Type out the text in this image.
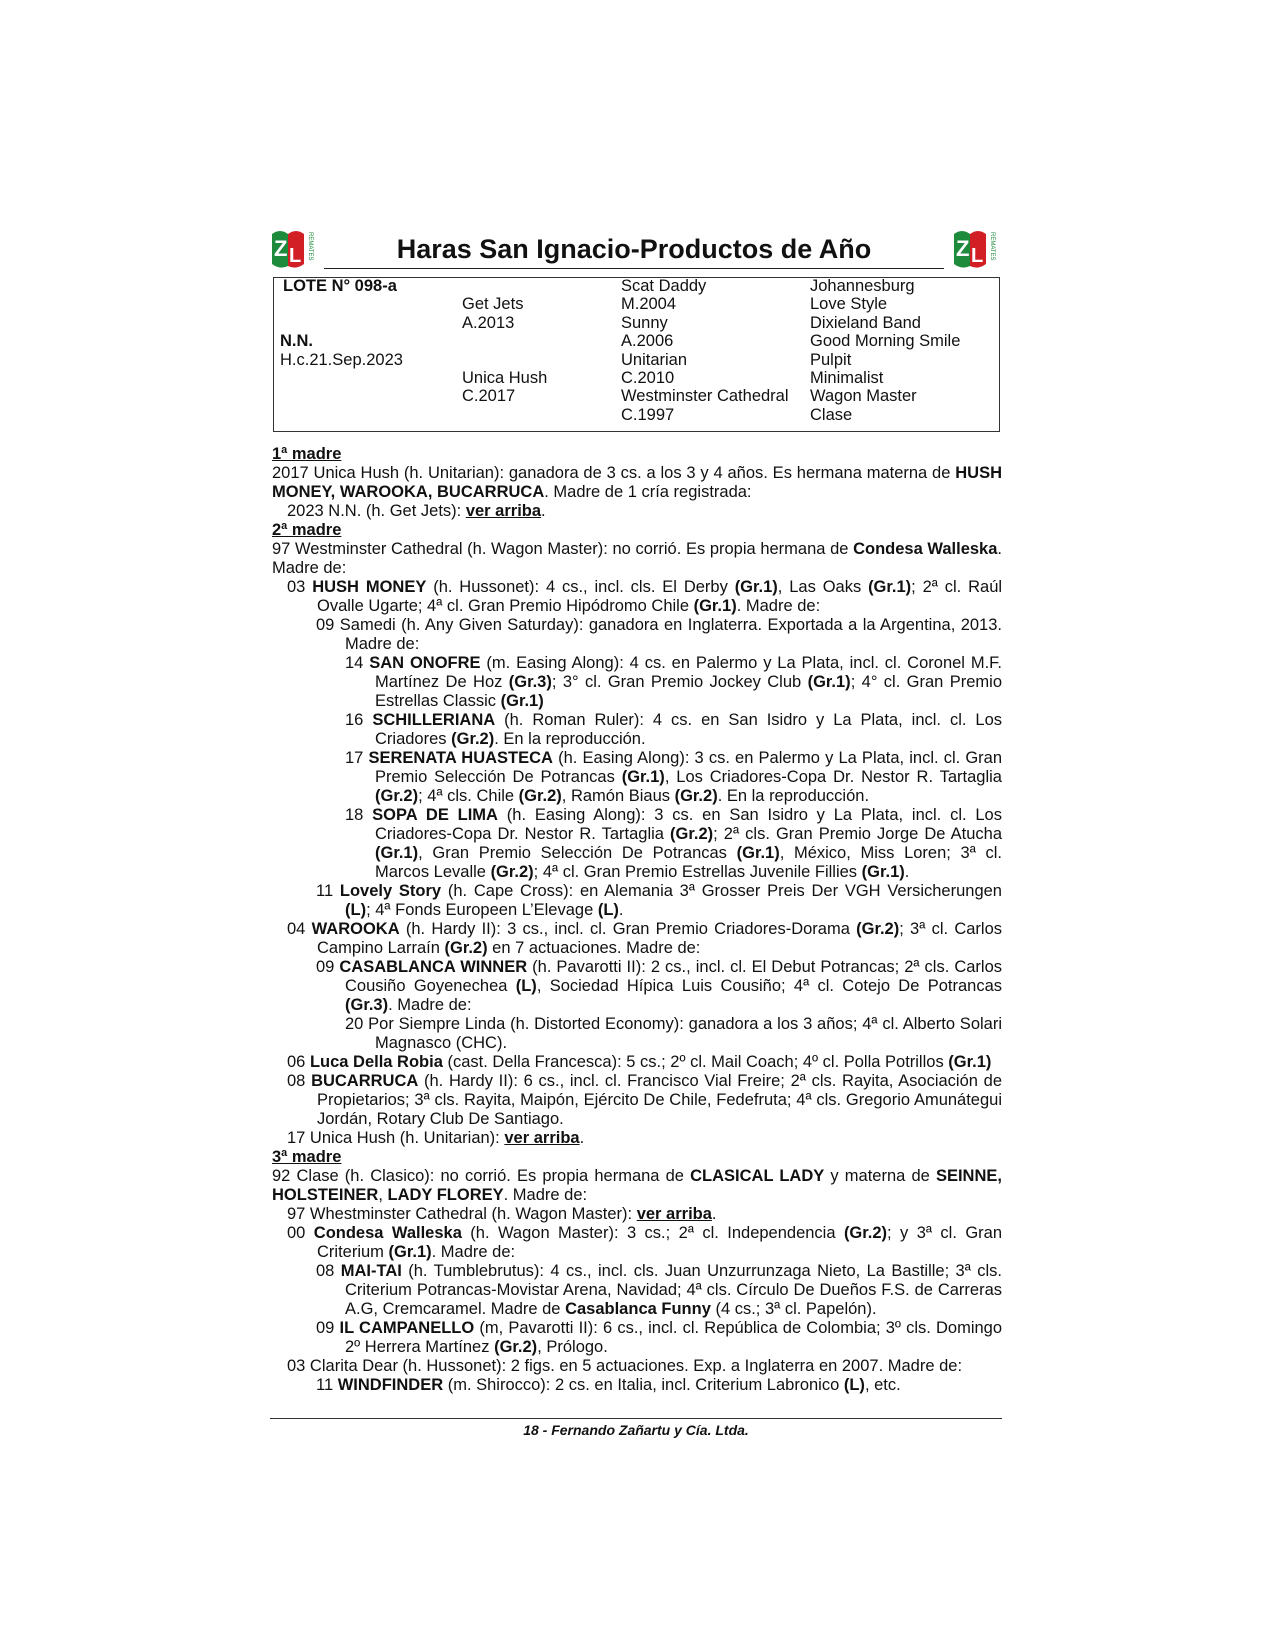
Z L REMATES	Haras San Ignacio-Productos de Año	Z L REMATES
LOTE N° 098-a
N.N.
H.c.21.Sep.2023
Get Jets
A.2013
Unica Hush
C.2017
Scat Daddy
M.2004
Sunny
A.2006
Unitarian
C.2010
Westminster Cathedral
C.1997
Johannesburg
Love Style
Dixieland Band
Good Morning Smile
Pulpit
Minimalist
Wagon Master
Clase
1ª madre
2017 Unica Hush (h. Unitarian): ganadora de 3 cs. a los 3 y 4 años. Es hermana materna de HUSH MONEY, WAROOKA, BUCARRUCA. Madre de 1 cría registrada:
2023 N.N. (h. Get Jets): ver arriba.
2ª madre
97 Westminster Cathedral (h. Wagon Master): no corrió. Es propia hermana de Condesa Walleska. Madre de:
03 HUSH MONEY (h. Hussonet): 4 cs., incl. cls. El Derby (Gr.1), Las Oaks (Gr.1); 2ª cl. Raúl Ovalle Ugarte; 4ª cl. Gran Premio Hipódromo Chile (Gr.1). Madre de:
09 Samedi (h. Any Given Saturday): ganadora en Inglaterra. Exportada a la Argentina, 2013. Madre de:
14 SAN ONOFRE (m. Easing Along): 4 cs. en Palermo y La Plata, incl. cl. Coronel M.F. Martínez De Hoz (Gr.3); 3° cl. Gran Premio Jockey Club (Gr.1); 4° cl. Gran Premio Estrellas Classic (Gr.1)
16 SCHILLERIANA (h. Roman Ruler): 4 cs. en San Isidro y La Plata, incl. cl. Los Criadores (Gr.2). En la reproducción.
17 SERENATA HUASTECA (h. Easing Along): 3 cs. en Palermo y La Plata, incl. cl. Gran Premio Selección De Potrancas (Gr.1), Los Criadores-Copa Dr. Nestor R. Tartaglia (Gr.2); 4ª cls. Chile (Gr.2), Ramón Biaus (Gr.2). En la reproducción.
18 SOPA DE LIMA (h. Easing Along): 3 cs. en San Isidro y La Plata, incl. cl. Los Criadores-Copa Dr. Nestor R. Tartaglia (Gr.2); 2ª cls. Gran Premio Jorge De Atucha (Gr.1), Gran Premio Selección De Potrancas (Gr.1), México, Miss Loren; 3ª cl. Marcos Levalle (Gr.2); 4ª cl. Gran Premio Estrellas Juvenile Fillies (Gr.1).
11 Lovely Story (h. Cape Cross): en Alemania 3ª Grosser Preis Der VGH Versicherungen (L); 4ª Fonds Europeen L’Elevage (L).
04 WAROOKA (h. Hardy II): 3 cs., incl. cl. Gran Premio Criadores-Dorama (Gr.2); 3ª cl. Carlos Campino Larraín (Gr.2) en 7 actuaciones. Madre de:
09 CASABLANCA WINNER (h. Pavarotti II): 2 cs., incl. cl. El Debut Potrancas; 2ª cls. Carlos Cousiño Goyenechea (L), Sociedad Hípica Luis Cousiño; 4ª cl. Cotejo De Potrancas (Gr.3). Madre de:
20 Por Siempre Linda (h. Distorted Economy): ganadora a los 3 años; 4ª cl. Alberto Solari Magnasco (CHC).
06 Luca Della Robia (cast. Della Francesca): 5 cs.; 2º cl. Mail Coach; 4º cl. Polla Potrillos (Gr.1)
08 BUCARRUCA (h. Hardy II): 6 cs., incl. cl. Francisco Vial Freire; 2ª cls. Rayita, Asociación de Propietarios; 3ª cls. Rayita, Maipón, Ejército De Chile, Fedefruta; 4ª cls. Gregorio Amunátegui Jordán, Rotary Club De Santiago.
17 Unica Hush (h. Unitarian): ver arriba.
3ª madre
92 Clase (h. Clasico): no corrió. Es propia hermana de CLASICAL LADY y materna de SEINNE, HOLSTEINER, LADY FLOREY. Madre de:
97 Whestminster Cathedral (h. Wagon Master): ver arriba.
00 Condesa Walleska (h. Wagon Master): 3 cs.; 2ª cl. Independencia (Gr.2); y 3ª cl. Gran Criterium (Gr.1). Madre de:
08 MAI-TAI (h. Tumblebrutus): 4 cs., incl. cls. Juan Unzurrunzaga Nieto, La Bastille; 3ª cls. Criterium Potrancas-Movistar Arena, Navidad; 4ª cls. Círculo De Dueños F.S. de Carreras A.G, Cremcaramel. Madre de Casablanca Funny (4 cs.; 3ª cl. Papelón).
09 IL CAMPANELLO (m, Pavarotti II): 6 cs., incl. cl. República de Colombia; 3º cls. Domingo 2º Herrera Martínez (Gr.2), Prólogo.
03 Clarita Dear (h. Hussonet): 2 figs. en 5 actuaciones. Exp. a Inglaterra en 2007. Madre de:
11 WINDFINDER (m. Shirocco): 2 cs. en Italia, incl. Criterium Labronico (L), etc.
18 - Fernando Zañartu y Cía. Ltda.
